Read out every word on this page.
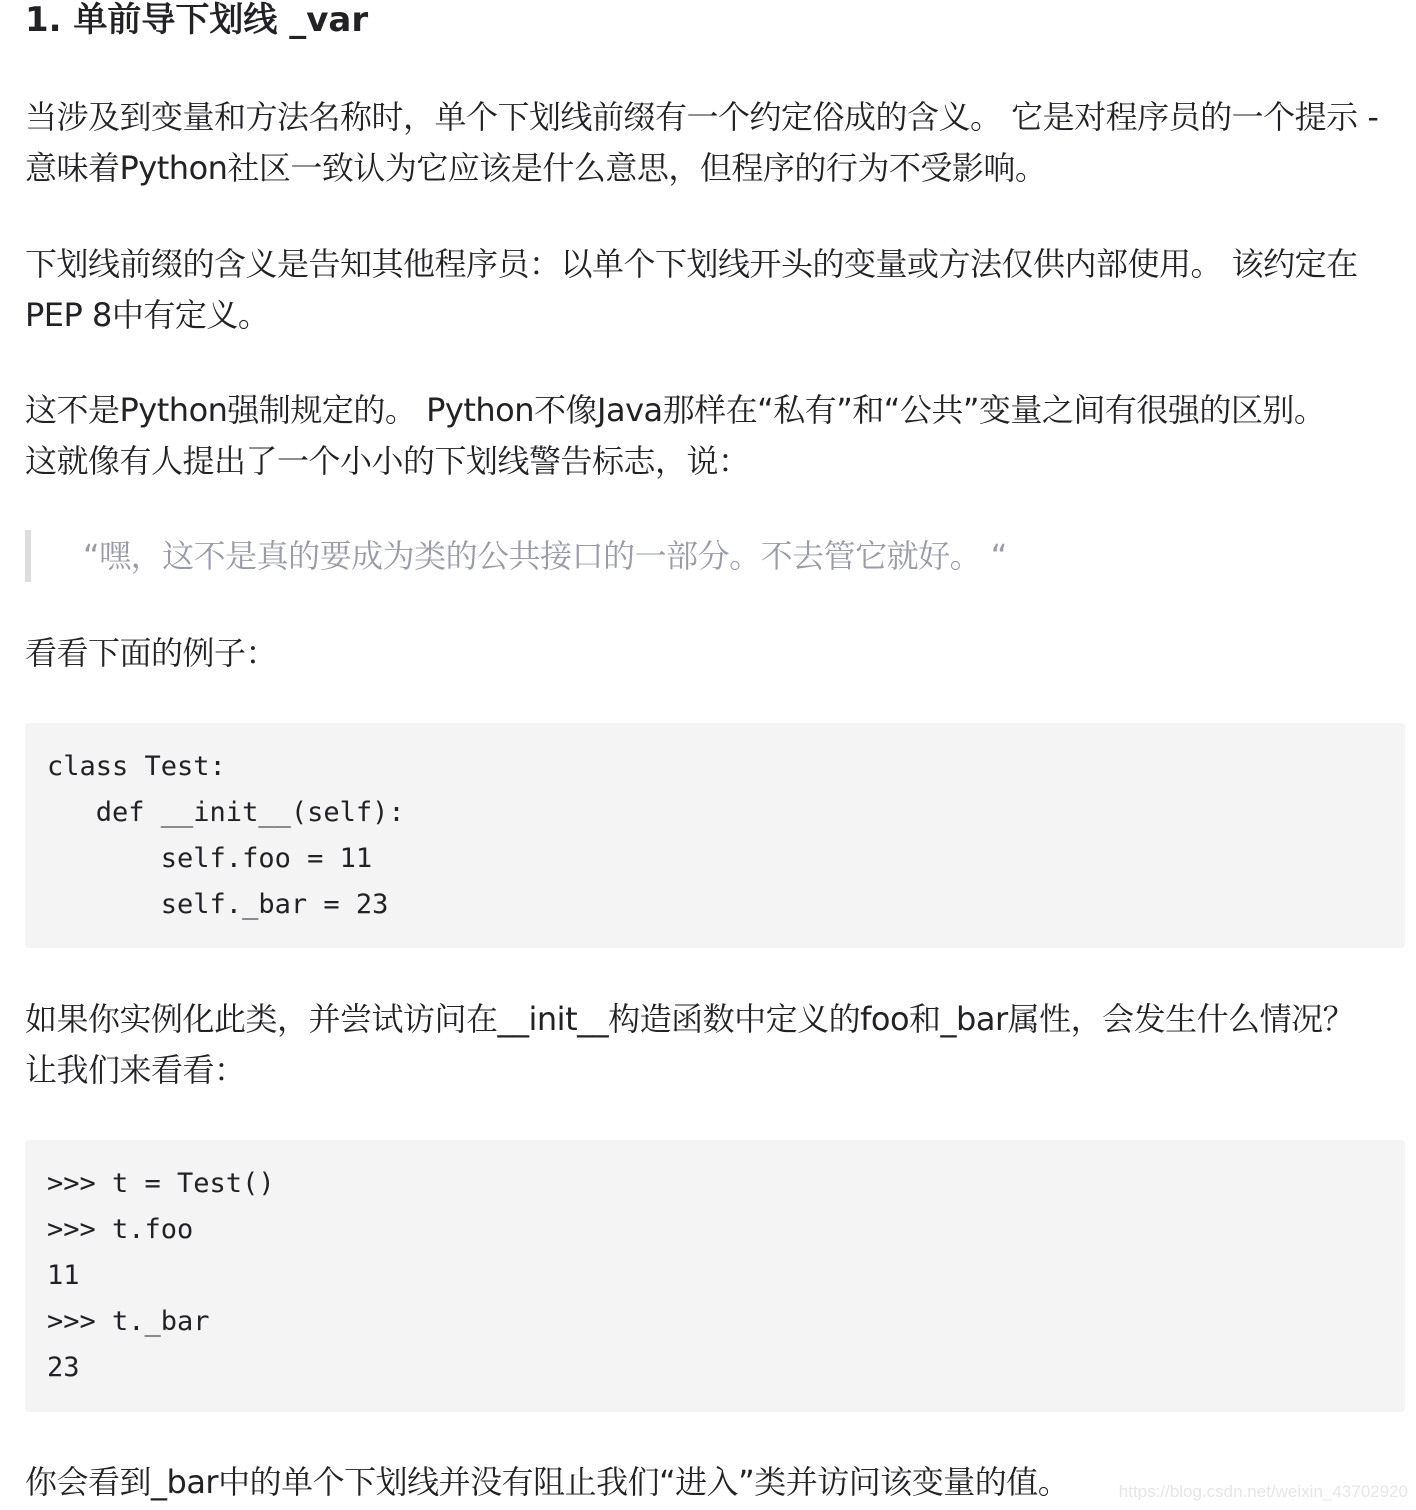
1. 单前导下划线 _var

当涉及到变量和方法名称时，单个下划线前缀有一个约定俗成的含义。 它是对程序员的一个提示 -
意味着Python社区一致认为它应该是什么意思，但程序的行为不受影响。

下划线前缀的含义是告知其他程序员：以单个下划线开头的变量或方法仅供内部使用。 该约定在
PEP 8中有定义。

这不是Python强制规定的。 Python不像Java那样在“私有”和“公共”变量之间有很强的区别。
这就像有人提出了一个小小的下划线警告标志，说：

“嘿，这不是真的要成为类的公共接口的一部分。不去管它就好。 “

看看下面的例子：

class Test:
def __init__(self):
self.foo = 11
self._bar = 23

如果你实例化此类，并尝试访问在__init__构造函数中定义的foo和_bar属性，会发生什么情况？
让我们来看看：

>>> t = Test()
>>> t.foo
11
>>> t._bar
23

你会看到_bar中的单个下划线并没有阻止我们“进入”类并访问该变量的值。	https://blog.csdn.net/weixin_43702920
